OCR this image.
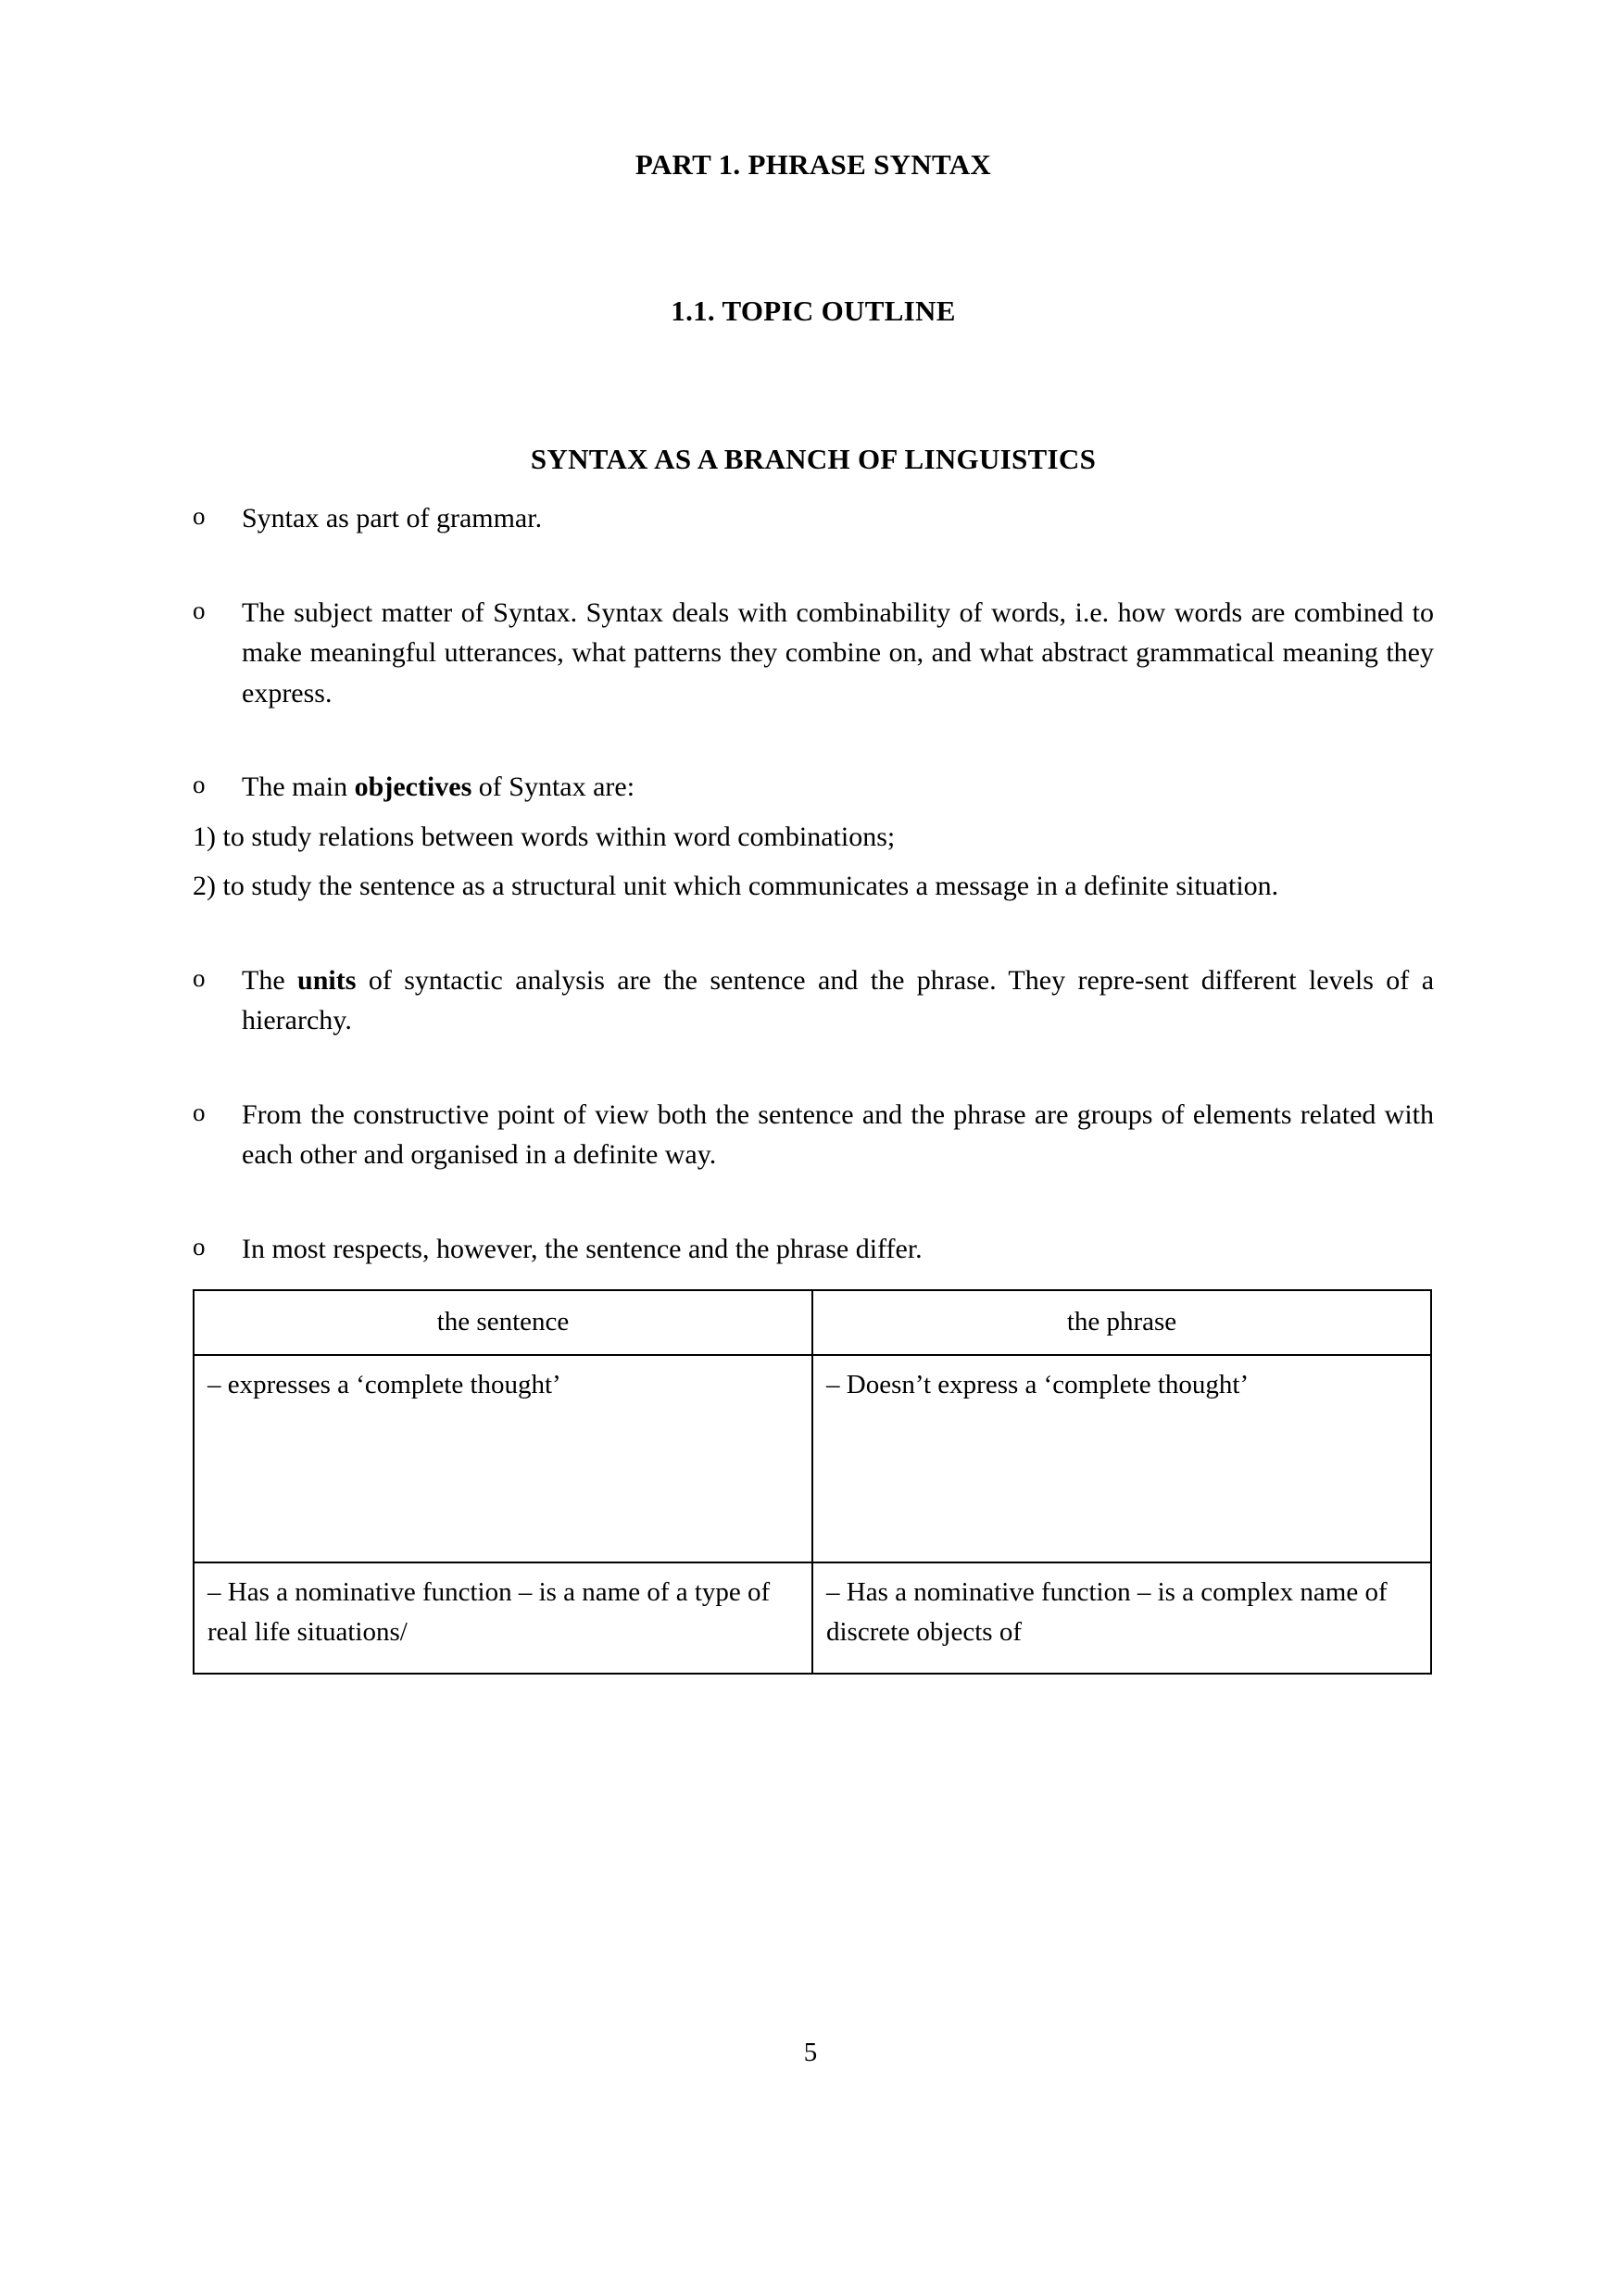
PART 1. PHRASE SYNTAX
1.1. TOPIC OUTLINE
SYNTAX AS A BRANCH OF LINGUISTICS
o	Syntax as part of grammar.
o	The subject matter of Syntax. Syntax deals with combinability of words, i.e. how words are combined to make meaningful utterances, what patterns they combine on, and what abstract grammatical meaning they express.
o	The main objectives of Syntax are:
1) to study relations between words within word combinations;
2) to study the sentence as a structural unit which communicates a message in a definite situation.
o	The units of syntactic analysis are the sentence and the phrase. They repre-sent different levels of a hierarchy.
o	From the constructive point of view both the sentence and the phrase are groups of elements related with each other and organised in a definite way.
o	In most respects, however, the sentence and the phrase differ.
the sentence	the phrase
– expresses a ‘complete thought’	– Doesn’t express a ‘complete thought’
– Has a nominative function – is a name of a type of real life situations/	– Has a nominative function – is a complex name of discrete objects of
5
